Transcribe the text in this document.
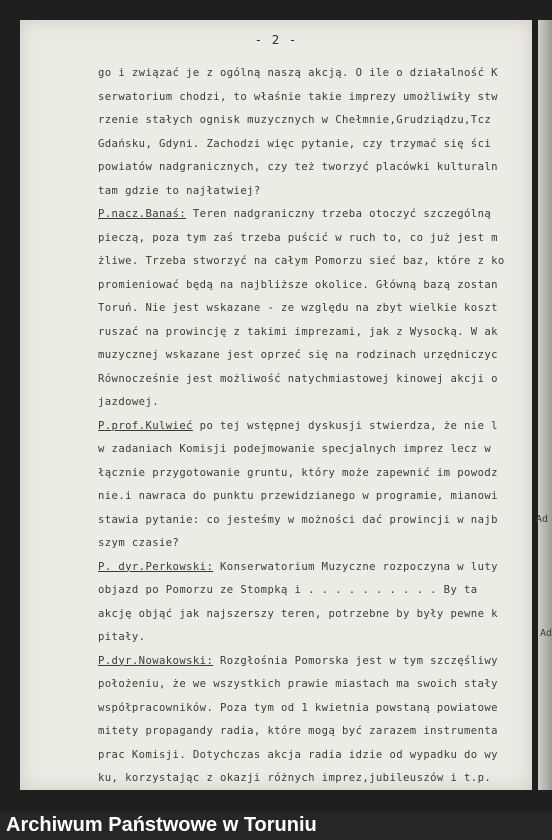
- 2 -
go i związać je z ogólną naszą akcją. O ile o działalność K
serwatorium chodzi, to właśnie takie imprezy umożliwiły stw
rzenie stałych ognisk muzycznych w Chełmnie,Grudziądzu,Tcz
Gdańsku, Gdyni. Zachodzi więc pytanie, czy trzymać się ści
powiatów nadgranicznych, czy też tworzyć placówki kulturaln
tam gdzie to najłatwiej?
P.nacz.Banaś: Teren nadgraniczny trzeba otoczyć szczególną
pieczą, poza tym zaś trzeba puścić w ruch to, co już jest m
żliwe. Trzeba stworzyć na całym Pomorzu sieć baz, które z ko
promieniować będą na najbliższe okolice. Główną bazą zostan
Toruń. Nie jest wskazane - ze względu na zbyt wielkie koszt
ruszać na prowincję z takimi imprezami, jak z Wysocką. W ak
muzycznej wskazane jest oprzeć się na rodzinach urzędniczyc
Równocześnie jest możliwość natychmiastowej kinowej akcji o
jazdowej.
P.prof.Kulwieć po tej wstępnej dyskusji stwierdza, że nie l
w zadaniach Komisji podejmowanie specjalnych imprez lecz w
łącznie przygotowanie gruntu, który może zapewnić im powodz
nie.i nawraca do punktu przewidzianego w programie, mianowi
stawia pytanie: co jesteśmy w możności dać prowincji w najb
szym czasie?
P. dyr.Perkowski: Konserwatorium Muzyczne rozpoczyna w luty
objazd po Pomorzu ze Stompką i . . . . . . . . . . By ta
akcję objąć jak najszerszy teren, potrzebne by były pewne k
pitały.
P.dyr.Nowakowski: Rozgłośnia Pomorska jest w tym szczęśliwy
położeniu, że we wszystkich prawie miastach ma swoich stały
współpracowników. Poza tym od 1 kwietnia powstaną powiatowe
mitety propagandy radia, które mogą być zarazem instrumenta
prac Komisji. Dotychczas akcja radia idzie od wypadku do wy
ku, korzystając z okazji różnych imprez,jubileuszów i t.p.
Ad
Ad
Archiwum Państwowe w Toruniu
